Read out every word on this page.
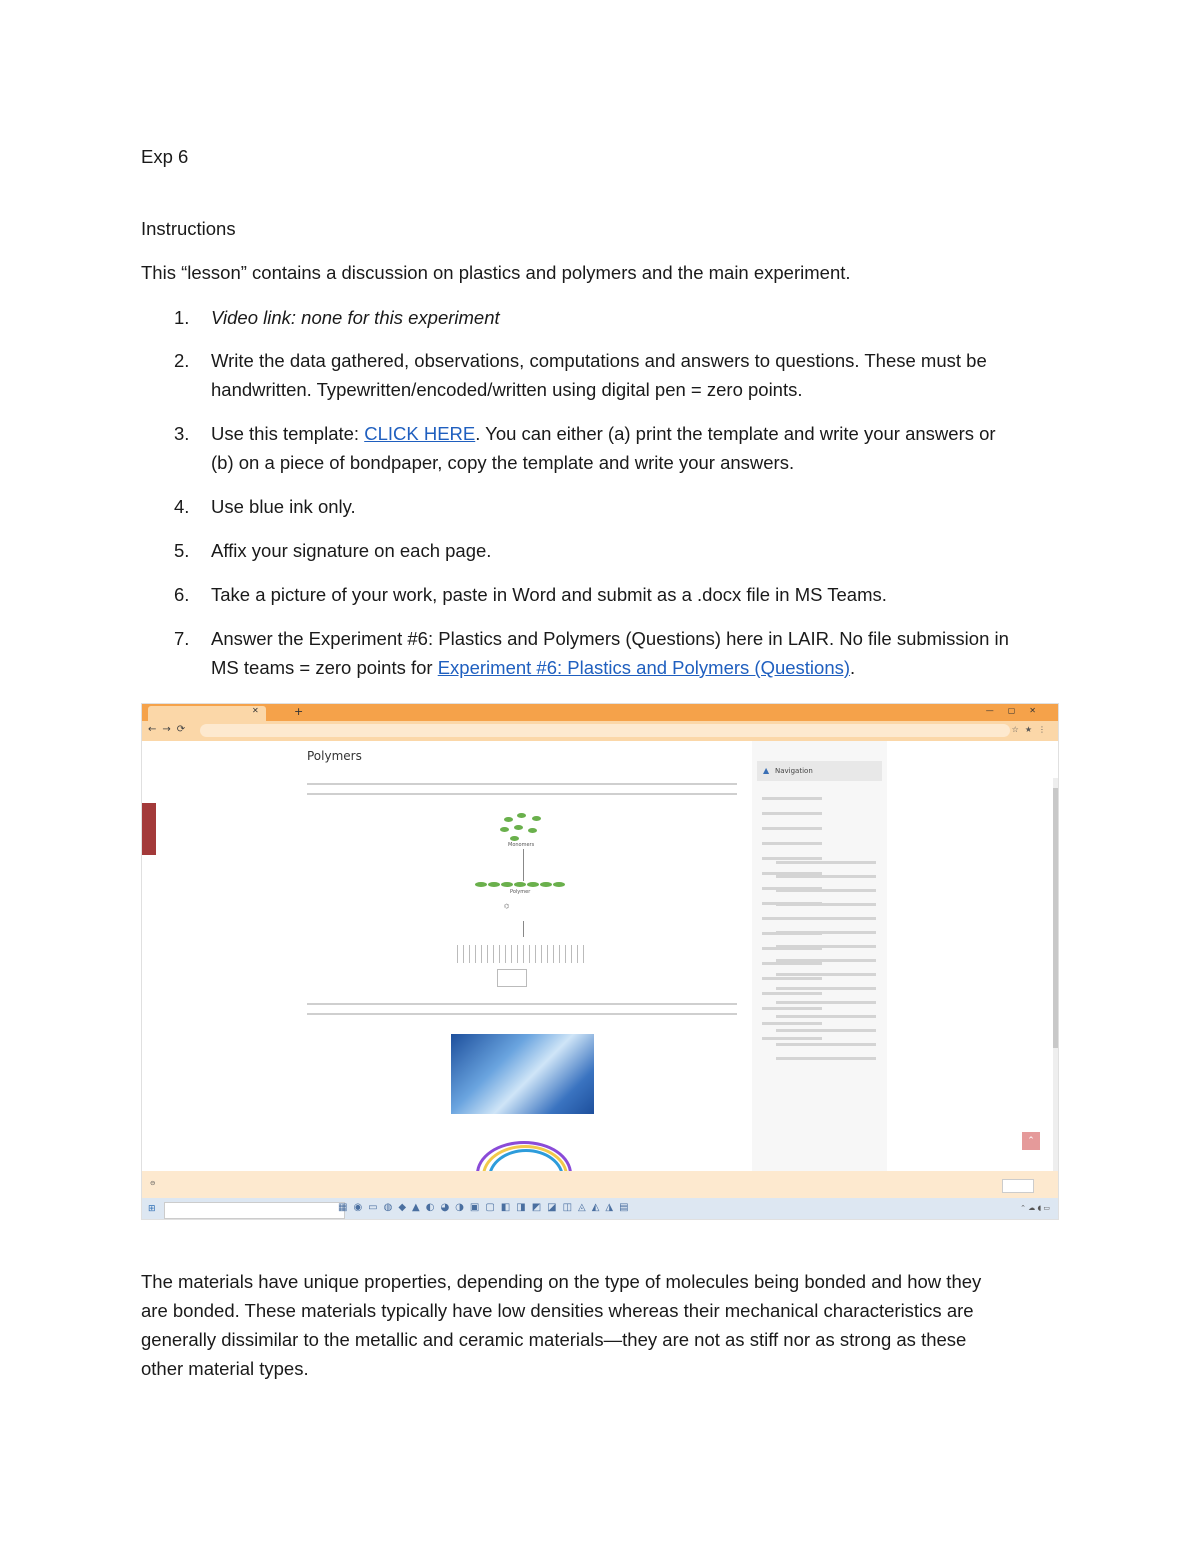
Exp 6
Instructions
This “lesson” contains a discussion on plastics and polymers and the main experiment.
1.	Video link: none for this experiment
2.	Write the data gathered, observations, computations and answers to questions. These must be
handwritten. Typewritten/encoded/written using digital pen = zero points.
3.	Use this template: CLICK HERE. You can either (a) print the template and write your answers or
(b) on a piece of bondpaper, copy the template and write your answers.
4.	Use blue ink only.
5.	Affix your signature on each page.
6.	Take a picture of your work, paste in Word and submit as a .docx file in MS Teams.
7.	Answer the Experiment #6: Plastics and Polymers (Questions) here in LAIR. No file submission in
MS teams = zero points for Experiment #6: Plastics and Polymers (Questions).
The materials have unique properties, depending on the type of molecules being bonded and how they
are bonded. These materials typically have low densities whereas their mechanical characteristics are
generally dissimilar to the metallic and ceramic materials—they are not as stiff nor as strong as these
other material types.
✕	+	—▢✕
←→⟳	☆★⋮
Polymers
Monomers
Polymer
⌬
▲ Navigation
⌃
⊖
⊞	▦◉▭◍◆▲◐◕◑▣▢◧◨◩◪◫◬◭◮▤	⌃ ☁ ◖ ▭
